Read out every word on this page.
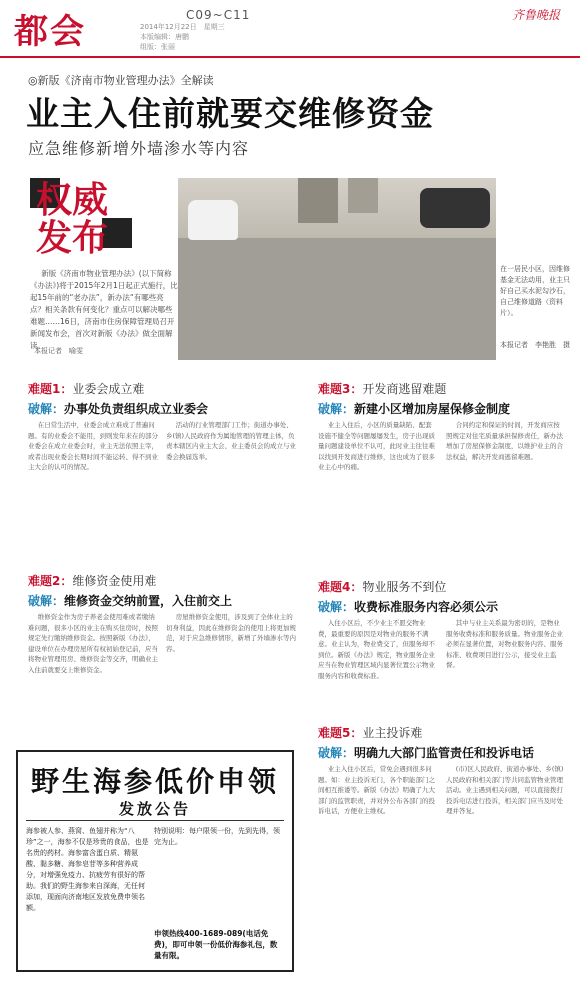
都会	C09~C11
2014年12月22日　星期三
本版编辑：唐鹏
组版：张丽
齐鲁晚报
◎新版《济南市物业管理办法》全解读
业主入住前就要交维修资金
应急维修新增外墙渗水等内容
权威
发布
新版《济南市物业管理办法》(以下简称《办法》)将于2015年2月1日起正式施行，比起15年前的“老办法”，新办法“有哪些亮点？相关条款有何变化？重点可以解决哪些难题……16日，济南市住房保障管理局召开新闻发布会，首次对新版《办法》做全面解读。
本报记者　喻雯
在一居民小区，因维修基金无法动用，业主只好自己买水泥勾沙石，自己维修道路（资料片）。
本报记者　李艳胜　摄
难题1：业委会成立难
破解：办事处负责组织成立业委会
在日常生活中，业委会成立难成了普遍问题。有的业委会不能用，到则发年来在的部分业委会在成立业委会时，业主无法依照主宰，或者出现业委会长期时间不能运转、得不到业主大会的认可的情况。
活动的行业管理部门工作；街道办事处、乡(镇)人民政府作为属地管理的管理主体，负责本辖区内业主大会、业主委员会的成立与业委会换届选举。
难题2：维修资金使用难
破解：维修资金交纳前置，入住前交上
维修资金作为房子养老金使用难或者缴纳难问题，很多小区的业主在购买住房时，按照规定先行缴纳维修资金。按照新版《办法》，建设单位在办理房屋所有权初始登记前，应当将物业管理用房、维修资金等交齐，明确业主入住前就要交上维修资金。
房屋维修资金使用，涉及到了全体业主的切身利益，因此在维修资金的使用上将更加规范，对于应急维修情形，新增了外墙渗水等内容。
难题3：开发商逃留难题
破解：新建小区增加房屋保修金制度
业主入住后，小区的质量缺陷、配套设施不健全等问题屡屡发生，房子出现质量问题建设单位不认可，此时业主往往难以找到开发商进行维修，这也成为了很多业主心中的痛。
合同约定和保证的时间，开发商应按照规定对住宅质量承担保修责任，新办法增加了房屋保修金制度，以维护业主的合法权益，解决开发商逃留难题。
难题4：物业服务不到位
破解：收费标准服务内容必须公示
入住小区后，不少业主不愿交物业费，最重要的原因是对物业的服务不满意。业主认为，物业费交了，但服务却不到位。新版《办法》规定，物业服务企业应当在物业管理区域内显著位置公示物业服务内容和收费标准。
其中与业主关系最为密切的，是物业服务收费标准和服务质量。物业服务企业必须在显著位置，对物业服务内容、服务标准、收费项目进行公示，接受业主监督。
难题5：业主投诉难
破解：明确九大部门监管责任和投诉电话
业主入住小区后，常免会遇到很多问题。如：业主投诉无门，各个职能部门之间相互推诿等。新版《办法》明确了九大部门的监管职责，并对外公布各部门的投诉电话，方便业主维权。
(市)区人民政府、街道办事处、乡(镇)人民政府和相关部门等共同监管物业管理活动。业主遇到相关问题，可以直接拨打投诉电话进行投诉，相关部门应当及时处理并答复。
野生海参低价申领
发放公告
海参被人参、燕窝、鱼翅并称为“八珍”之一，海参不仅是珍贵的食品，也是名贵的药材。海参富含蛋白质、精氨酸、黏多糖、海参皂苷等多种营养成分，对增强免疫力、抗疲劳有很好的帮助。我们的野生海参来自深海，无任何添加，现面向济南地区发放免费申领名额。
特别说明：每户限领一份，先到先得，领完为止。
申领热线400-1689-089(电话免费)，即可申领一份低价海参礼包，数量有限。
